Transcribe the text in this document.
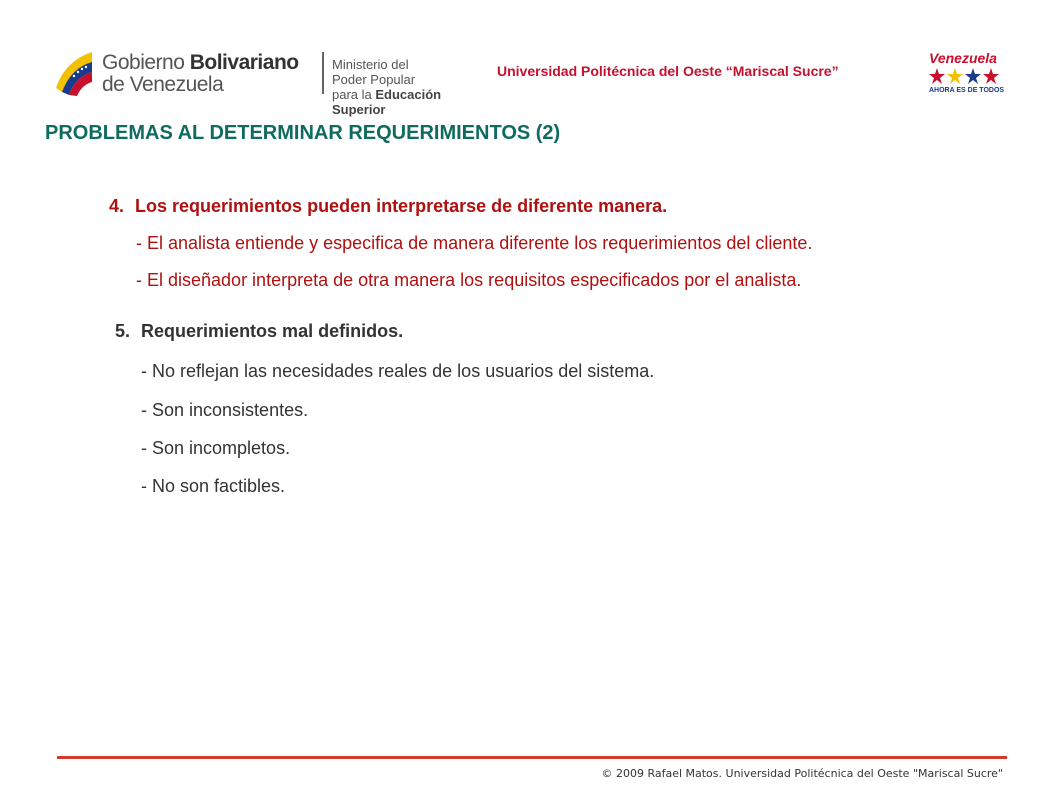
Gobierno Bolivariano
de Venezuela
Ministerio del Poder Popular
para la Educación Superior
Universidad Politécnica del Oeste “Mariscal Sucre”
Venezuela
AHORA ES DE TODOS
PROBLEMAS AL DETERMINAR REQUERIMIENTOS (2)
4. Los requerimientos pueden interpretarse de diferente manera.
- El analista entiende y especifica de manera diferente los requerimientos del cliente.
- El diseñador interpreta de otra manera los requisitos especificados por el analista.
5. Requerimientos mal definidos.
- No reflejan las necesidades reales de los usuarios del sistema.
- Son inconsistentes.
- Son incompletos.
- No son factibles.
© 2009 Rafael Matos. Universidad Politécnica del Oeste "Mariscal Sucre"
